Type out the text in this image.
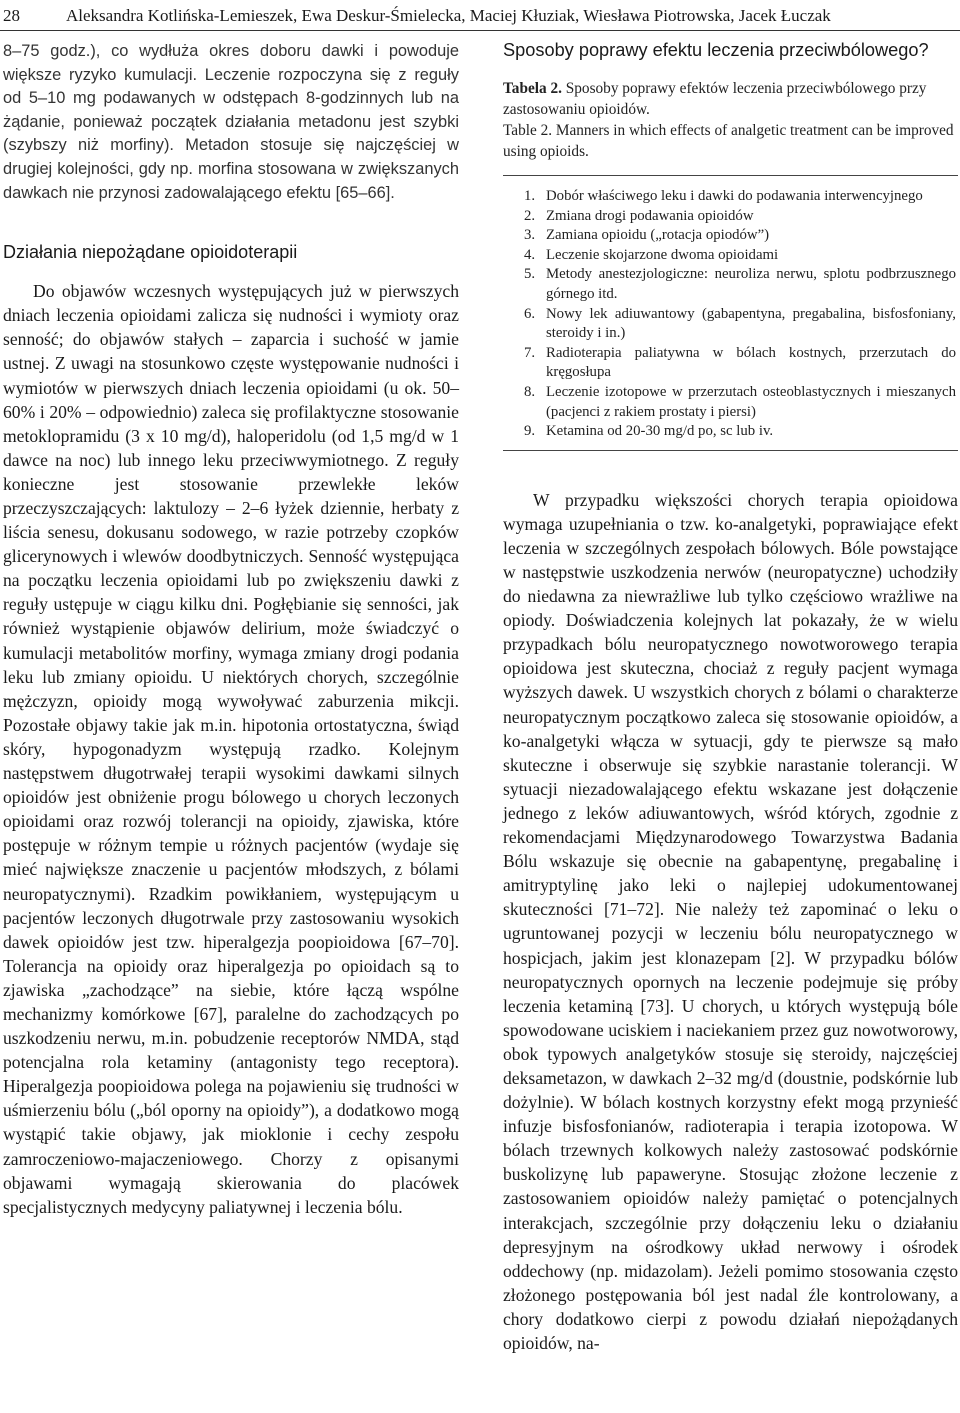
28	Aleksandra Kotlińska-Lemieszek, Ewa Deskur-Śmielecka, Maciej Kłuziak, Wiesława Piotrowska, Jacek Łuczak

8–75 godz.), co wydłuża okres doboru dawki i powoduje większe ryzyko kumulacji. Leczenie rozpoczyna się z reguły od 5–10 mg podawanych w odstępach 8-godzinnych lub na żądanie, ponieważ początek działania metadonu jest szybki (szybszy niż morfiny). Metadon stosuje się najczęściej w drugiej kolejności, gdy np. morfina stosowana w zwiększanych dawkach nie przynosi zadowalającego efektu [65–66].

Działania niepożądane opioidoterapii

Do objawów wczesnych występujących już w pierwszych dniach leczenia opioidami zalicza się nudności i wymioty oraz senność; do objawów stałych – zaparcia i suchość w jamie ustnej. Z uwagi na stosunkowo częste występowanie nudności i wymiotów w pierwszych dniach leczenia opioidami (u ok. 50–60% i 20% – odpowiednio) zaleca się profilaktyczne stosowanie metoklopramidu (3 x 10 mg/d), haloperidolu (od 1,5 mg/d w 1 dawce na noc) lub innego leku przeciwwymiotnego. Z reguły konieczne jest stosowanie przewlekłe leków przeczyszczających: laktulozy – 2–6 łyżek dziennie, herbaty z liścia senesu, dokusanu sodowego, w razie potrzeby czopków glicerynowych i wlewów doodbytniczych. Senność występująca na początku leczenia opioidami lub po zwiększeniu dawki z reguły ustępuje w ciągu kilku dni. Pogłębianie się senności, jak również wystąpienie objawów delirium, może świadczyć o kumulacji metabolitów morfiny, wymaga zmiany drogi podania leku lub zmiany opioidu. U niektórych chorych, szczególnie mężczyzn, opioidy mogą wywoływać zaburzenia mikcji. Pozostałe objawy takie jak m.in. hipotonia ortostatyczna, świąd skóry, hypogonadyzm występują rzadko. Kolejnym następstwem długotrwałej terapii wysokimi dawkami silnych opioidów jest obniżenie progu bólowego u chorych leczonych opioidami oraz rozwój tolerancji na opioidy, zjawiska, które postępuje w różnym tempie u różnych pacjentów (wydaje się mieć największe znaczenie u pacjentów młodszych, z bólami neuropatycznymi). Rzadkim powikłaniem, występującym u pacjentów leczonych długotrwale przy zastosowaniu wysokich dawek opioidów jest tzw. hiperalgezja poopioidowa [67–70]. Tolerancja na opioidy oraz hiperalgezja po opioidach są to zjawiska „zachodzące” na siebie, które łączą wspólne mechanizmy komórkowe [67], paralelne do zachodzących po uszkodzeniu nerwu, m.in. pobudzenie receptorów NMDA, stąd potencjalna rola ketaminy (antagonisty tego receptora). Hiperalgezja poopioidowa polega na pojawieniu się trudności w uśmierzeniu bólu („ból oporny na opioidy”), a dodatkowo mogą wystąpić takie objawy, jak mioklonie i cechy zespołu zamroczeniowo-majaczeniowego. Chorzy z opisanymi objawami wymagają skierowania do placówek specjalistycznych medycyny paliatywnej i leczenia bólu.

Sposoby poprawy efektu leczenia przeciwbólowego?

Tabela 2. Sposoby poprawy efektów leczenia przeciwbólowego przy zastosowaniu opioidów.

Table 2. Manners in which effects of analgetic treatment can be improved using opioids.

1. Dobór właściwego leku i dawki do podawania interwencyjnego
2. Zmiana drogi podawania opioidów
3. Zamiana opioidu („rotacja opiodów”)
4. Leczenie skojarzone dwoma opioidami
5. Metody anestezjologiczne: neuroliza nerwu, splotu podbrzusznego górnego itd.
6. Nowy lek adiuwantowy (gabapentyna, pregabalina, bisfosfoniany, steroidy i in.)
7. Radioterapia paliatywna w bólach kostnych, przerzutach do kręgosłupa
8. Leczenie izotopowe w przerzutach osteoblastycznych i mieszanych (pacjenci z rakiem prostaty i piersi)
9. Ketamina od 20-30 mg/d po, sc lub iv.

W przypadku większości chorych terapia opioidowa wymaga uzupełniania o tzw. ko-analgetyki, poprawiające efekt leczenia w szczególnych zespołach bólowych. Bóle powstające w następstwie uszkodzenia nerwów (neuropatyczne) uchodziły do niedawna za niewrażliwe lub tylko częściowo wrażliwe na opiody. Doświadczenia kolejnych lat pokazały, że w wielu przypadkach bólu neuropatycznego nowotworowego terapia opioidowa jest skuteczna, chociaż z reguły pacjent wymaga wyższych dawek. U wszystkich chorych z bólami o charakterze neuropatycznym początkowo zaleca się stosowanie opioidów, a ko-analgetyki włącza w sytuacji, gdy te pierwsze są mało skuteczne i obserwuje się szybkie narastanie tolerancji. W sytuacji niezadowalającego efektu wskazane jest dołączenie jednego z leków adiuwantowych, wśród których, zgodnie z rekomendacjami Międzynarodowego Towarzystwa Badania Bólu wskazuje się obecnie na gabapentynę, pregabalinę i amitryptylinę jako leki o najlepiej udokumentowanej skuteczności [71–72]. Nie należy też zapominać o leku o ugruntowanej pozycji w leczeniu bólu neuropatycznego w hospicjach, jakim jest klonazepam [2]. W przypadku bólów neuropatycznych opornych na leczenie podejmuje się próby leczenia ketaminą [73]. U chorych, u których występują bóle spowodowane uciskiem i naciekaniem przez guz nowotworowy, obok typowych analgetyków stosuje się steroidy, najczęściej deksametazon, w dawkach 2–32 mg/d (doustnie, podskórnie lub dożylnie). W bólach kostnych korzystny efekt mogą przynieść infuzje bisfosfonianów, radioterapia i terapia izotopowa. W bólach trzewnych kolkowych należy zastosować podskórnie buskolizynę lub papaweryne. Stosując złożone leczenie z zastosowaniem opioidów należy pamiętać o potencjalnych interakcjach, szczególnie przy dołączeniu leku o działaniu depresyjnym na ośrodkowy układ nerwowy i ośrodek oddechowy (np. midazolam). Jeżeli pomimo stosowania często złożonego postępowania ból jest nadal źle kontrolowany, a chory dodatkowo cierpi z powodu działań niepożądanych opioidów, na-
